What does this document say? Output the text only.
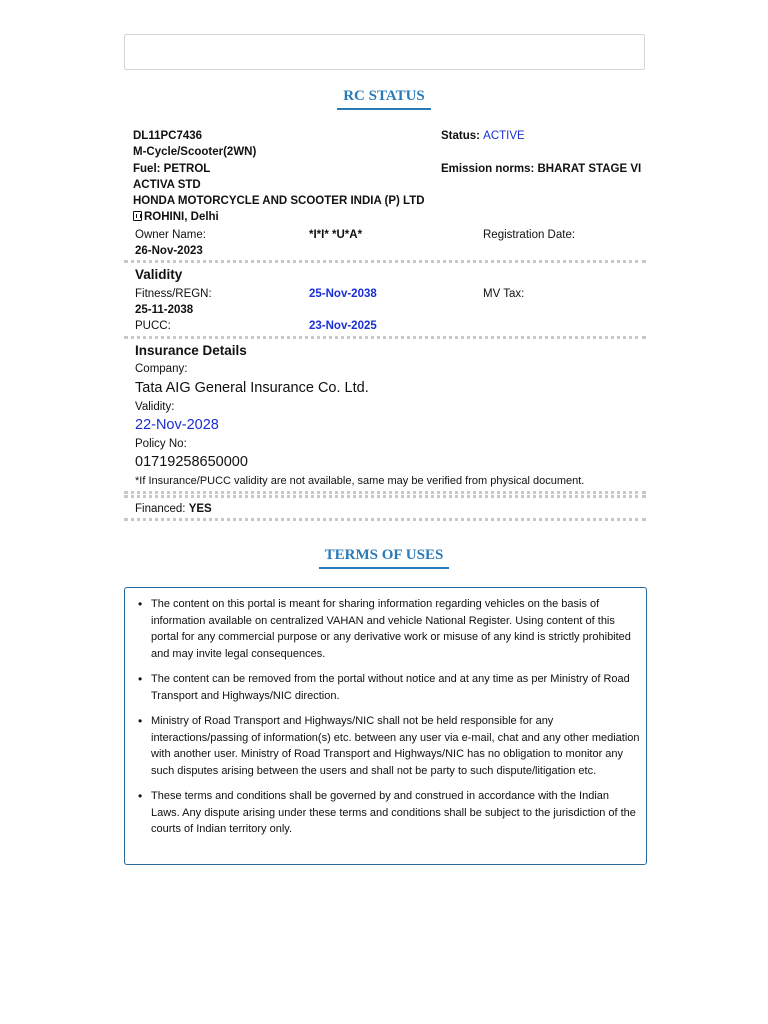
RC STATUS
DL11PC7436
M-Cycle/Scooter(2WN)
Fuel: PETROL
ACTIVA STD
HONDA MOTORCYCLE AND SCOOTER INDIA (P) LTD
ROHINI, Delhi
Status: ACTIVE
Emission norms: BHARAT STAGE VI
Owner Name:	*I*I* *U*A*	Registration Date:
26-Nov-2023
Validity
Fitness/REGN:	25-Nov-2038	MV Tax:
25-11-2038
PUCC:	23-Nov-2025
Insurance Details
Company:
Tata AIG General Insurance Co. Ltd.
Validity:
22-Nov-2028
Policy No:
01719258650000
*If Insurance/PUCC validity are not available, same may be verified from physical document.
Financed: YES
TERMS OF USES
• The content on this portal is meant for sharing information regarding vehicles on the basis of information available on centralized VAHAN and vehicle National Register. Using content of this portal for any commercial purpose or any derivative work or misuse of any kind is strictly prohibited and may invite legal consequences.
• The content can be removed from the portal without notice and at any time as per Ministry of Road Transport and Highways/NIC direction.
• Ministry of Road Transport and Highways/NIC shall not be held responsible for any interactions/passing of information(s) etc. between any user via e-mail, chat and any other mediation with another user. Ministry of Road Transport and Highways/NIC has no obligation to monitor any such disputes arising between the users and shall not be party to such dispute/litigation etc.
• These terms and conditions shall be governed by and construed in accordance with the Indian Laws. Any dispute arising under these terms and conditions shall be subject to the jurisdiction of the courts of Indian territory only.
